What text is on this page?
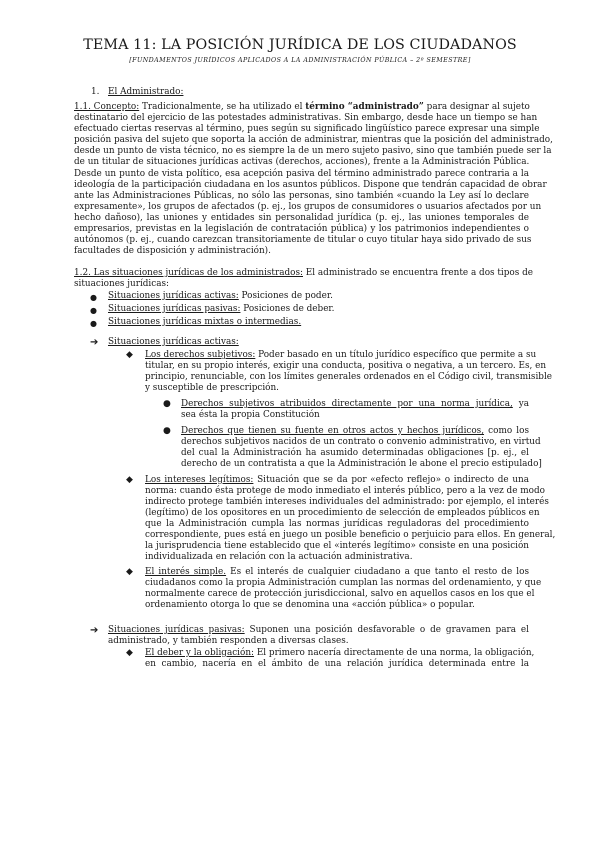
TEMA 11: LA POSICIÓN JURÍDICA DE LOS CIUDADANOS
[FUNDAMENTOS JURÍDICOS APLICADOS A LA ADMINISTRACIÓN PÚBLICA – 2º SEMESTRE]
1. El Administrado:
1.1. Concepto: Tradicionalmente, se ha utilizado el término “administrado” para designar al sujeto
destinatario del ejercicio de las potestades administrativas. Sin embargo, desde hace un tiempo se han
efectuado ciertas reservas al término, pues según su significado lingüístico parece expresar una simple
posición pasiva del sujeto que soporta la acción de administrar, mientras que la posición del administrado,
desde un punto de vista técnico, no es siempre la de un mero sujeto pasivo, sino que también puede ser la
de un titular de situaciones jurídicas activas (derechos, acciones), frente a la Administración Pública.
Desde un punto de vista político, esa acepción pasiva del término administrado parece contraria a la
ideología de la participación ciudadana en los asuntos públicos. Dispone que tendrán capacidad de obrar
ante las Administraciones Públicas, no sólo las personas, sino también «cuando la Ley así lo declare
expresamente», los grupos de afectados (p. ej., los grupos de consumidores o usuarios afectados por un
hecho dañoso), las uniones y entidades sin personalidad jurídica (p. ej., las uniones temporales de
empresarios, previstas en la legislación de contratación pública) y los patrimonios independientes o
autónomos (p. ej., cuando carezcan transitoriamente de titular o cuyo titular haya sido privado de sus
facultades de disposición y administración).
1.2. Las situaciones jurídicas de los administrados: El administrado se encuentra frente a dos tipos de
situaciones jurídicas:
● Situaciones jurídicas activas: Posiciones de poder.
● Situaciones jurídicas pasivas: Posiciones de deber.
● Situaciones jurídicas mixtas o intermedias.
➔ Situaciones jurídicas activas:
◆ Los derechos subjetivos: Poder basado en un título jurídico específico que permite a su
titular, en su propio interés, exigir una conducta, positiva o negativa, a un tercero. Es, en
principio, renunciable, con los límites generales ordenados en el Código civil, transmisible
y susceptible de prescripción.
● Derechos subjetivos atribuidos directamente por una norma jurídica, ya
sea ésta la propia Constitución
● Derechos que tienen su fuente en otros actos y hechos jurídicos, como los
derechos subjetivos nacidos de un contrato o convenio administrativo, en virtud
del cual la Administración ha asumido determinadas obligaciones [p. ej., el
derecho de un contratista a que la Administración le abone el precio estipulado]
◆ Los intereses legítimos: Situación que se da por «efecto reflejo» o indirecto de una
norma: cuando ésta protege de modo inmediato el interés público, pero a la vez de modo
indirecto protege también intereses individuales del administrado: por ejemplo, el interés
(legítimo) de los opositores en un procedimiento de selección de empleados públicos en
que la Administración cumpla las normas jurídicas reguladoras del procedimiento
correspondiente, pues está en juego un posible beneficio o perjuicio para ellos. En general,
la jurisprudencia tiene establecido que el «interés legítimo» consiste en una posición
individualizada en relación con la actuación administrativa.
◆ El interés simple. Es el interés de cualquier ciudadano a que tanto el resto de los
ciudadanos como la propia Administración cumplan las normas del ordenamiento, y que
normalmente carece de protección jurisdiccional, salvo en aquellos casos en los que el
ordenamiento otorga lo que se denomina una «acción pública» o popular.
➔ Situaciones jurídicas pasivas: Suponen una posición desfavorable o de gravamen para el
administrado, y también responden a diversas clases.
◆ El deber y la obligación: El primero nacería directamente de una norma, la obligación,
en cambio, nacería en el ámbito de una relación jurídica determinada entre la
